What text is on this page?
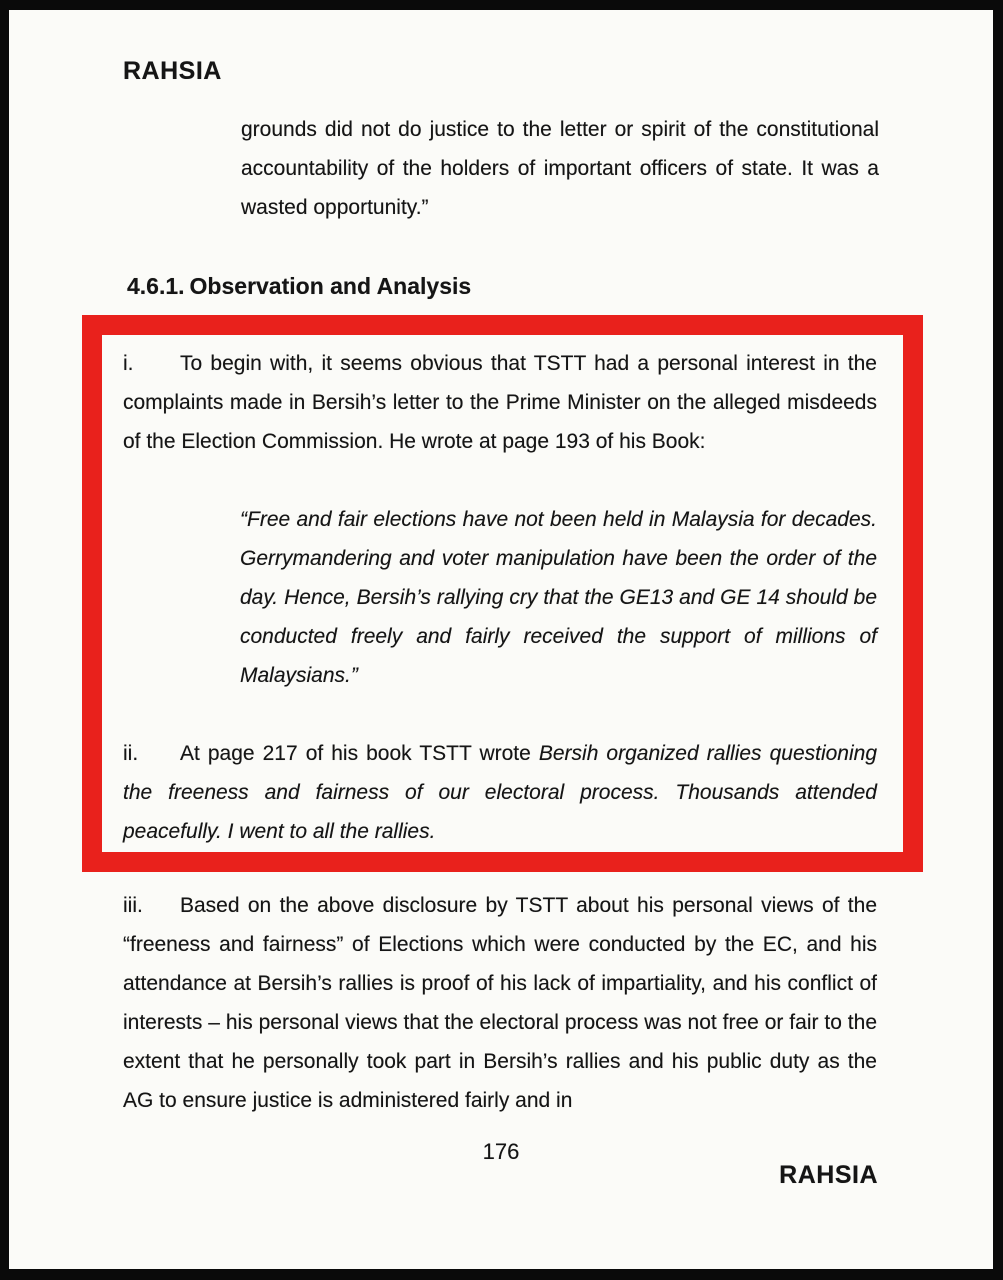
RAHSIA

grounds did not do justice to the letter or spirit of the constitutional accountability of the holders of important officers of state. It was a wasted opportunity.”

4.6.1. Observation and Analysis

i. To begin with, it seems obvious that TSTT had a personal interest in the complaints made in Bersih’s letter to the Prime Minister on the alleged misdeeds of the Election Commission. He wrote at page 193 of his Book:

“Free and fair elections have not been held in Malaysia for decades. Gerrymandering and voter manipulation have been the order of the day. Hence, Bersih’s rallying cry that the GE13 and GE 14 should be conducted freely and fairly received the support of millions of Malaysians.”

ii. At page 217 of his book TSTT wrote Bersih organized rallies questioning the freeness and fairness of our electoral process. Thousands attended peacefully. I went to all the rallies.

iii. Based on the above disclosure by TSTT about his personal views of the “freeness and fairness” of Elections which were conducted by the EC, and his attendance at Bersih’s rallies is proof of his lack of impartiality, and his conflict of interests – his personal views that the electoral process was not free or fair to the extent that he personally took part in Bersih’s rallies and his public duty as the AG to ensure justice is administered fairly and in

176
RAHSIA
